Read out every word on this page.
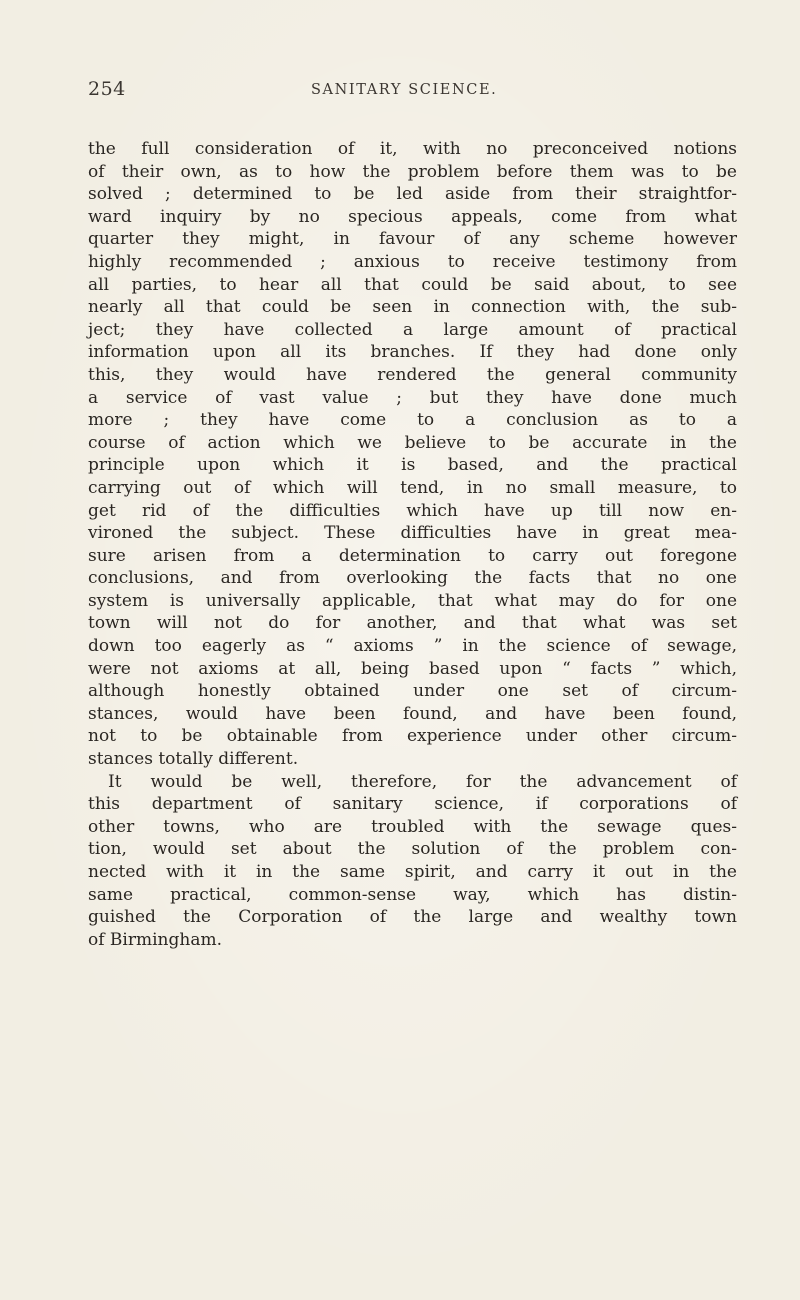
254	SANITARY SCIENCE.
the full consideration of it, with no preconceived notions
of their own, as to how the problem before them was to be
solved ; determined to be led aside from their straightfor-
ward inquiry by no specious appeals, come from what
quarter they might, in favour of any scheme however
highly recommended ; anxious to receive testimony from
all parties, to hear all that could be said about, to see
nearly all that could be seen in connection with, the sub-
ject; they have collected a large amount of practical
information upon all its branches. If they had done only
this, they would have rendered the general community
a service of vast value ; but they have done much
more ; they have come to a conclusion as to a
course of action which we believe to be accurate in the
principle upon which it is based, and the practical
carrying out of which will tend, in no small measure, to
get rid of the difficulties which have up till now en-
vironed the subject. These difficulties have in great mea-
sure arisen from a determination to carry out foregone
conclusions, and from overlooking the facts that no one
system is universally applicable, that what may do for one
town will not do for another, and that what was set
down too eagerly as “ axioms ” in the science of sewage,
were not axioms at all, being based upon “ facts ” which,
although honestly obtained under one set of circum-
stances, would have been found, and have been found,
not to be obtainable from experience under other circum-
stances totally different.
It would be well, therefore, for the advancement of
this department of sanitary science, if corporations of
other towns, who are troubled with the sewage ques-
tion, would set about the solution of the problem con-
nected with it in the same spirit, and carry it out in the
same practical, common-sense way, which has distin-
guished the Corporation of the large and wealthy town
of Birmingham.
